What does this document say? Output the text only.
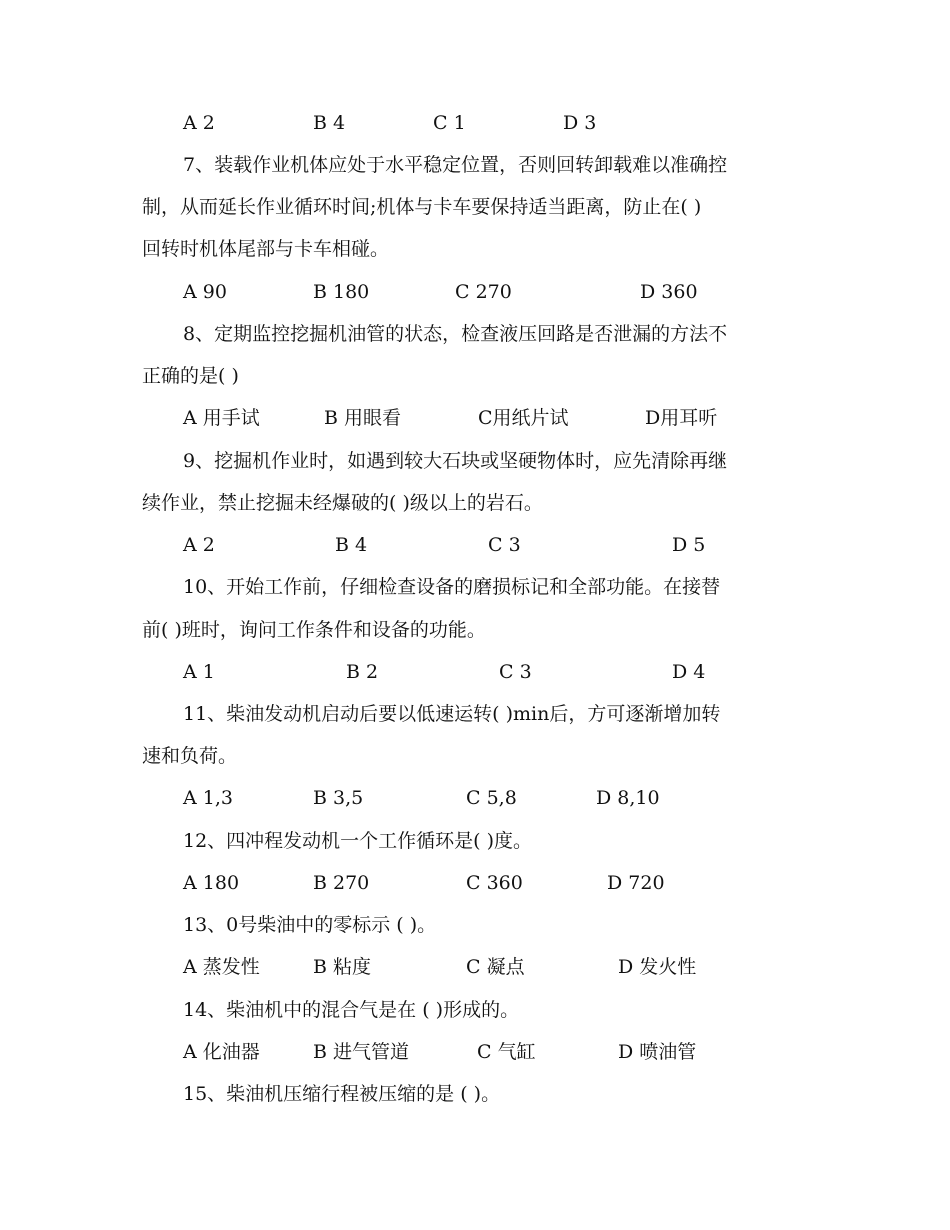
A 2	B 4	C 1	D 3
7、装载作业机体应处于水平稳定位置，否则回转卸载难以准确控
制，从而延长作业循环时间;机体与卡车要保持适当距离，防止在( )
回转时机体尾部与卡车相碰。
A 90	B 180	C 270	D 360
8、定期监控挖掘机油管的状态，检查液压回路是否泄漏的方法不
正确的是( )
A 用手试	B 用眼看	C用纸片试	D用耳听
9、挖掘机作业时，如遇到较大石块或坚硬物体时，应先清除再继
续作业，禁止挖掘未经爆破的( )级以上的岩石。
A 2	B 4	C 3	D 5
10、开始工作前，仔细检查设备的磨损标记和全部功能。在接替
前( )班时，询问工作条件和设备的功能。
A 1	B 2	C 3	D 4
11、柴油发动机启动后要以低速运转( )min后，方可逐渐增加转
速和负荷。
A 1,3	B 3,5	C 5,8	D 8,10
12、四冲程发动机一个工作循环是( )度。
A 180	B 270	C 360	D 720
13、0号柴油中的零标示 ( )。
A 蒸发性	B 粘度	C 凝点	D 发火性
14、柴油机中的混合气是在 ( )形成的。
A 化油器	B 进气管道	C 气缸	D 喷油管
15、柴油机压缩行程被压缩的是 ( )。
